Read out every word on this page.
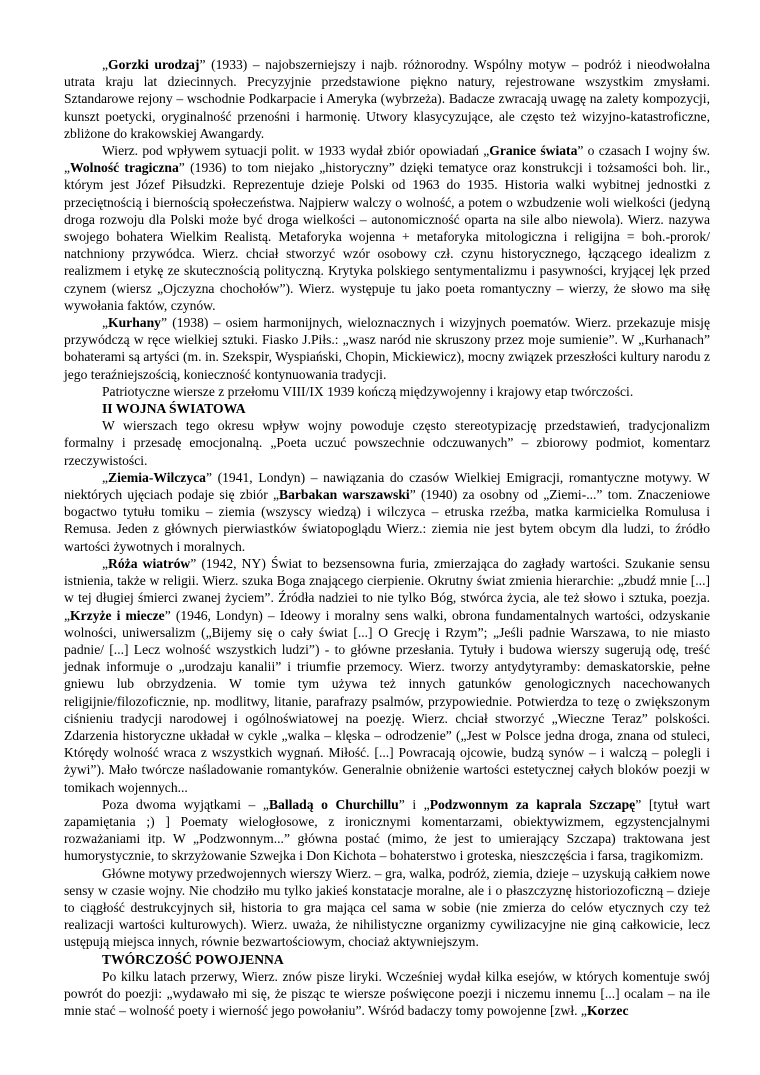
„Gorzki urodzaj” (1933) – najobszerniejszy i najb. różnorodny. Wspólny motyw – podróż i nieodwołalna utrata kraju lat dziecinnych. Precyzyjnie przedstawione piękno natury, rejestrowane wszystkim zmysłami. Sztandarowe rejony – wschodnie Podkarpacie i Ameryka (wybrzeża). Badacze zwracają uwagę na zalety kompozycji, kunszt poetycki, oryginalność przenośni i harmonię. Utwory klasycyzujące, ale często też wizyjno-katastroficzne, zbliżone do krakowskiej Awangardy.

Wierz. pod wpływem sytuacji polit. w 1933 wydał zbiór opowiadań „Granice świata” o czasach I wojny św. „Wolność tragiczna” (1936) to tom niejako „historyczny” dzięki tematyce oraz konstrukcji i tożsamości boh. lir., którym jest Józef Piłsudzki. Reprezentuje dzieje Polski od 1963 do 1935. Historia walki wybitnej jednostki z przeciętnością i biernością społeczeństwa. Najpierw walczy o wolność, a potem o wzbudzenie woli wielkości (jedyną droga rozwoju dla Polski może być droga wielkości – autonomiczność oparta na sile albo niewola). Wierz. nazywa swojego bohatera Wielkim Realistą. Metaforyka wojenna + metaforyka mitologiczna i religijna = boh.-prorok/ natchniony przywódca. Wierz. chciał stworzyć wzór osobowy czł. czynu historycznego, łączącego idealizm z realizmem i etykę ze skutecznością polityczną. Krytyka polskiego sentymentalizmu i pasywności, kryjącej lęk przed czynem (wiersz „Ojczyzna chochołów”). Wierz. występuje tu jako poeta romantyczny – wierzy, że słowo ma siłę wywołania faktów, czynów.

„Kurhany” (1938) – osiem harmonijnych, wieloznacznych i wizyjnych poematów. Wierz. przekazuje misję przywódczą w ręce wielkiej sztuki. Fiasko J.Piłs.: „wasz naród nie skruszony przez moje sumienie”. W „Kurhanach” bohaterami są artyści (m. in. Szekspir, Wyspiański, Chopin, Mickiewicz), mocny związek przeszłości kultury narodu z jego teraźniejszością, konieczność kontynuowania tradycji.

Patriotyczne wiersze z przełomu VIII/IX 1939 kończą międzywojenny i krajowy etap twórczości.

II WOJNA ŚWIATOWA

W wierszach tego okresu wpływ wojny powoduje często stereotypizację przedstawień, tradycjonalizm formalny i przesadę emocjonalną. „Poeta uczuć powszechnie odczuwanych” – zbiorowy podmiot, komentarz rzeczywistości.

„Ziemia-Wilczyca” (1941, Londyn) – nawiązania do czasów Wielkiej Emigracji, romantyczne motywy. W niektórych ujęciach podaje się zbiór „Barbakan warszawski” (1940) za osobny od „Ziemi-...” tom. Znaczeniowe bogactwo tytułu tomiku – ziemia (wszyscy wiedzą) i wilczyca – etruska rzeźba, matka karmicielka Romulusa i Remusa. Jeden z głównych pierwiastków światopoglądu Wierz.: ziemia nie jest bytem obcym dla ludzi, to źródło wartości żywotnych i moralnych.

„Róża wiatrów” (1942, NY) Świat to bezsensowna furia, zmierzająca do zagłady wartości. Szukanie sensu istnienia, także w religii. Wierz. szuka Boga znającego cierpienie. Okrutny świat zmienia hierarchie: „zbudź mnie [...] w tej długiej śmierci zwanej życiem”. Źródła nadziei to nie tylko Bóg, stwórca życia, ale też słowo i sztuka, poezja. „Krzyże i miecze” (1946, Londyn) – Ideowy i moralny sens walki, obrona fundamentalnych wartości, odzyskanie wolności, uniwersalizm („Bijemy się o cały świat [...] O Grecję i Rzym”; „Jeśli padnie Warszawa, to nie miasto padnie/ [...] Lecz wolność wszystkich ludzi”) - to główne przesłania. Tytuły i budowa wierszy sugerują odę, treść jednak informuje o „urodzaju kanalii” i triumfie przemocy. Wierz. tworzy antydytyramby: demaskatorskie, pełne gniewu lub obrzydzenia. W tomie tym używa też innych gatunków genologicznych nacechowanych religijnie/filozoficznie, np. modlitwy, litanie, parafrazy psalmów, przypowiednie. Potwierdza to tezę o zwiększonym ciśnieniu tradycji narodowej i ogólnoświatowej na poezję. Wierz. chciał stworzyć „Wieczne Teraz” polskości. Zdarzenia historyczne układał w cykle „walka – klęska – odrodzenie” („Jest w Polsce jedna droga, znana od stuleci, Którędy wolność wraca z wszystkich wygnań. Miłość. [...] Powracają ojcowie, budzą synów – i walczą – polegli i żywi”). Mało twórcze naśladowanie romantyków. Generalnie obniżenie wartości estetycznej całych bloków poezji w tomikach wojennych...

Poza dwoma wyjątkami – „Balladą o Churchillu” i „Podzwonnym za kaprala Szczapę” [tytuł wart zapamiętania ;) ] Poematy wielogłosowe, z ironicznymi komentarzami, obiektywizmem, egzystencjalnymi rozważaniami itp. W „Podzwonnym...” główna postać (mimo, że jest to umierający Szczapa) traktowana jest humorystycznie, to skrzyżowanie Szwejka i Don Kichota – bohaterstwo i groteska, nieszczęścia i farsa, tragikomizm.

Główne motywy przedwojennych wierszy Wierz. – gra, walka, podróż, ziemia, dzieje – uzyskują całkiem nowe sensy w czasie wojny. Nie chodziło mu tylko jakieś konstatacje moralne, ale i o płaszczyznę historiozoficzną – dzieje to ciągłość destrukcyjnych sił, historia to gra mająca cel sama w sobie (nie zmierza do celów etycznych czy też realizacji wartości kulturowych). Wierz. uważa, że nihilistyczne organizmy cywilizacyjne nie giną całkowicie, lecz ustępują miejsca innych, równie bezwartościowym, chociaż aktywniejszym.

TWÓRCZOŚĆ POWOJENNA

Po kilku latach przerwy, Wierz. znów pisze liryki. Wcześniej wydał kilka esejów, w których komentuje swój powrót do poezji: „wydawało mi się, że pisząc te wiersze poświęcone poezji i niczemu innemu [...] ocalam – na ile mnie stać – wolność poety i wierność jego powołaniu”. Wśród badaczy tomy powojenne [zwł. „Korzec
